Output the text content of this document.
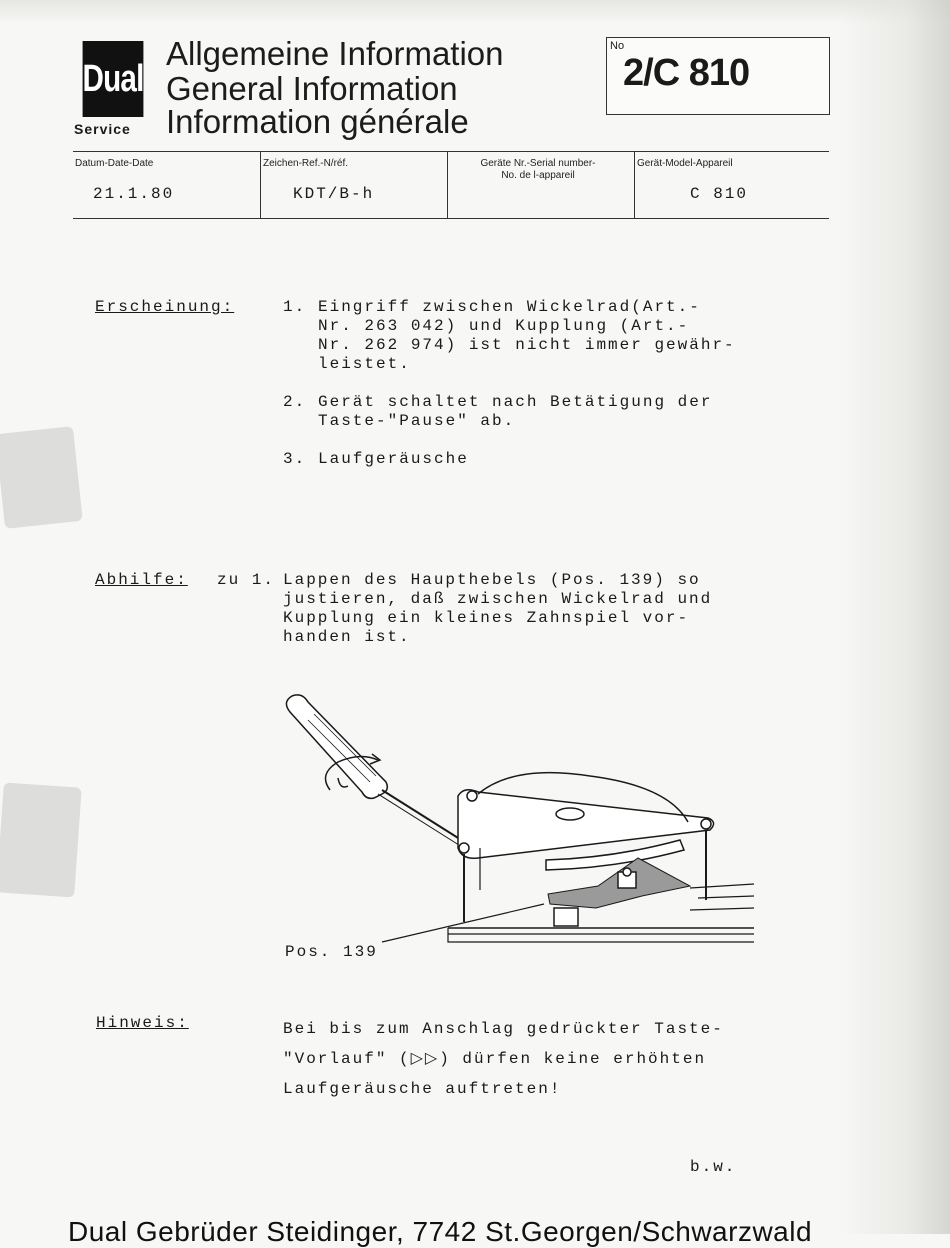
Dual
Service
Allgemeine Information
General Information
Information générale
No
2/C 810
Datum-Date-Date
21.1.80
Zeichen-Ref.-N/réf.
KDT/B-h
Geräte Nr.-Serial number-
No. de l-appareil
Gerät-Model-Appareil
C 810
Erscheinung:	1. Eingriff zwischen Wickelrad(Art.-
Nr. 263 042) und Kupplung (Art.-
Nr. 262 974) ist nicht immer gewähr-
leistet.
2. Gerät schaltet nach Betätigung der
Taste-"Pause" ab.
3. Laufgeräusche
Abhilfe: zu 1. Lappen des Haupthebels (Pos. 139) so
justieren, daß zwischen Wickelrad und
Kupplung ein kleines Zahnspiel vor-
handen ist.
Pos. 139
Hinweis:	Bei bis zum Anschlag gedrückter Taste-
"Vorlauf" (▷▷) dürfen keine erhöhten
Laufgeräusche auftreten!
b.w.
Dual Gebrüder Steidinger, 7742 St.Georgen/Schwarzwald
